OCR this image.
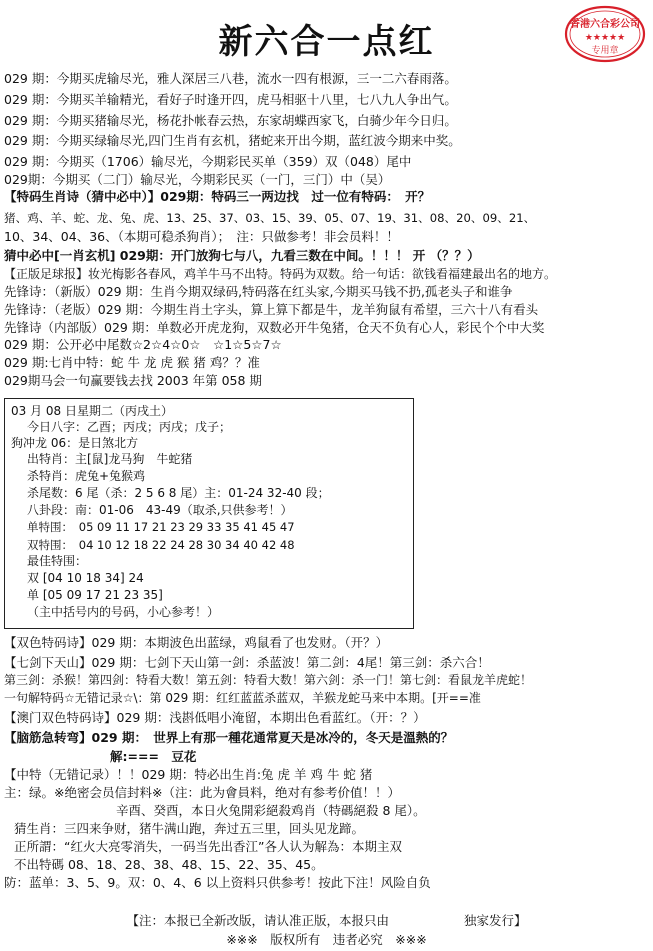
新六合一点红	香港六合彩公司
★★★★★
专用章
029 期：今期买虎输尽光，雅人深居三八巷，流水一四有根源，三一二六春雨落。
029 期：今期买羊输精光，看好子时逢开四，虎马相驱十八里，七八九人争出气。
029 期：今期买猪输尽光，杨花扑帐春云热，东家胡蝶西家飞，白骑少年今日归。
029 期：今期买绿输尽光,四门生肖有玄机，猪蛇来开出今期，蓝红波今期来中奖。
029 期：今期买（1706）输尽光，今期彩民买单（359）双（048）尾中
029期：今期买（二门）输尽光，今期彩民买（一门，三门）中（吴）
【特码生肖诗（猜中必中）】029期：特码三一两边找　过一位有特码：　开？
猪、鸡、羊、蛇、龙、兔、虎、13、25、37、03、15、39、05、07、19、31、08、20、09、21、
10、34、04、36、（本期可稳杀狗肖）；　注：只做参考！非会员料！！
猜中必中[一肖玄机] 029期：开门放狗七与八，九看三数在中间。！！！ 开 （？？）
【正版足球报】妆光梅影各春风，鸡羊牛马不出特。特码为双数。给一句话：欲钱看福建最出名的地方。
先锋诗：（新版）029 期：生肖今期双绿码,特码落在红头家,今期买马钱不扔,孤老头子和谁争
先锋诗：（老版）029 期：今期生肖土字头，算上算下都是牛，龙羊狗鼠有希望，三六十八有看头
先锋诗（内部版）029 期：单数必开虎龙狗，双数必开牛兔猪，仓天不负有心人，彩民个个中大奖
029 期：公开必中尾数☆2☆4☆0☆　☆1☆5☆7☆
029 期:七肖中特：蛇 牛 龙 虎 猴 猪 鸡？？准
029期马会一句赢要钱去找 2003 年第 058 期
03 月 08 日星期二（丙戌土）
今日八字：乙酉；丙戌；丙戌；戊子；
狗冲龙 06：是日煞北方
出特肖：主[鼠]龙马狗　牛蛇猪
杀特肖：虎兔+兔猴鸡
杀尾数：6 尾（杀：2 5 6 8 尾）主：01-24 32-40 段；
八卦段：南：01-06　43-49（取杀,只供参考！）
单特围：　05 09 11 17 21 23 29 33 35 41 45 47
双特围：　04 10 12 18 22 24 28 30 34 40 42 48
最佳特围：
双 [04 10 18 34] 24
单 [05 09 17 21 23 35]
（主中括号内的号码，小心参考！）
【双色特码诗】029 期：本期波色出蓝绿，鸡鼠看了也发财。（开？）
【七剑下天山】029 期：七剑下天山第一剑：杀蓝波！第二剑：4尾！第三剑：杀六合！
第三剑：杀猴！第四剑：特看大数！第五剑：特看大数！第六剑：杀一门！第七剑：看鼠龙羊虎蛇！
一句解特码☆无错记录☆\：第 029 期：红红蓝蓝杀蓝双，羊猴龙蛇马来中本期。[开==准
【澳门双色特码诗】029 期：浅斟低唱小淹留，本期出色看蓝红。（开：？）
【脑筋急转弯】029 期：　世界上有那一種花通常夏天是冰冷的，冬天是溫熱的？
解:===　豆花
【中特（无错记录）！！029 期：特必出生肖:兔 虎 羊 鸡 牛 蛇 猪
主：绿。※绝密会员信封料※（注：此为會員料，绝对有参考价值！！）
辛酉、癸酉，本日火兔開彩絕殺鸡肖（特碼絕殺 8 尾）。
猜生肖：三四来争财，猪牛满山跑，奔过五三里，回头见龙蹄。
正所謂：“红火大亮零消失，一码当先出香江”各人认为解為：本期主双
不出特碼 08、18、28、38、48、15、22、35、45。
防：蓝单：3、5、9。双：0、4、6 以上资料只供参考！按此下注！风险自负
【注：本报已全新改版，请认准正版，本报只由　　　　　　独家发行】
※※※　版权所有　违者必究　※※※
